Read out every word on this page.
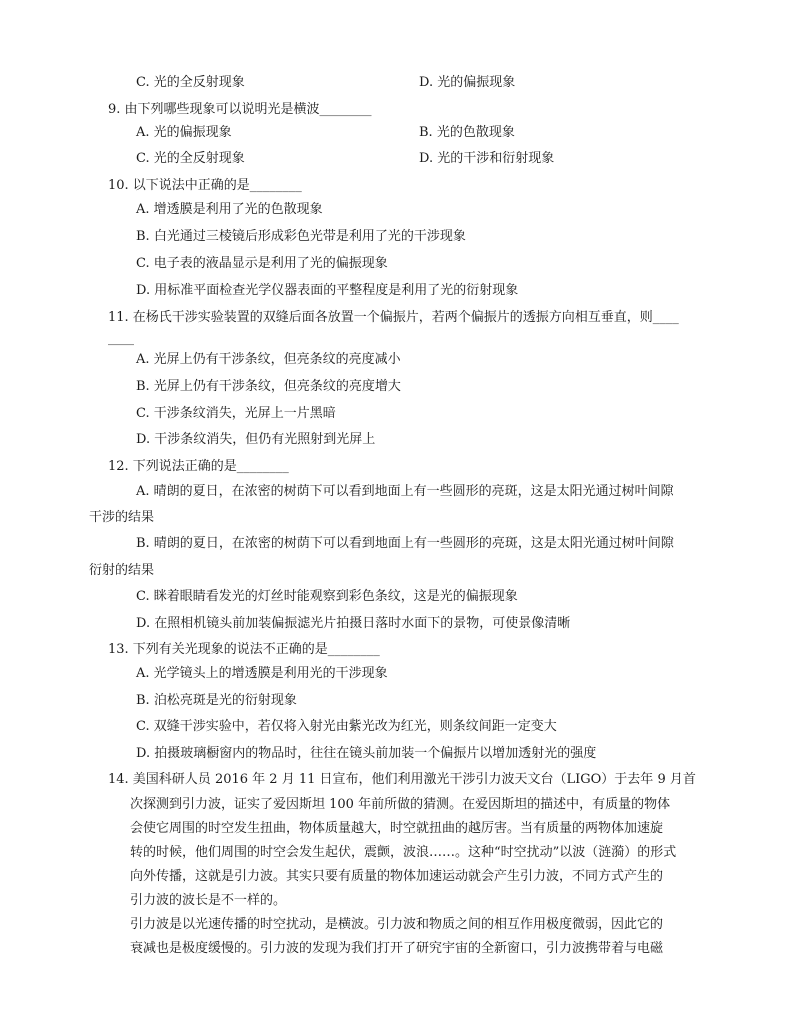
C. 光的全反射现象	D. 光的偏振现象
9. 由下列哪些现象可以说明光是横波________
A. 光的偏振现象	B. 光的色散现象
C. 光的全反射现象	D. 光的干涉和衍射现象
10. 以下说法中正确的是________
A. 增透膜是利用了光的色散现象
B. 白光通过三棱镜后形成彩色光带是利用了光的干涉现象
C. 电子表的液晶显示是利用了光的偏振现象
D. 用标准平面检查光学仪器表面的平整程度是利用了光的衍射现象
11. 在杨氏干涉实验装置的双缝后面各放置一个偏振片，若两个偏振片的透振方向相互垂直，则____
____
A. 光屏上仍有干涉条纹，但亮条纹的亮度减小
B. 光屏上仍有干涉条纹，但亮条纹的亮度增大
C. 干涉条纹消失，光屏上一片黑暗
D. 干涉条纹消失，但仍有光照射到光屏上
12. 下列说法正确的是________
A. 晴朗的夏日，在浓密的树荫下可以看到地面上有一些圆形的亮斑，这是太阳光通过树叶间隙
干涉的结果
B. 晴朗的夏日，在浓密的树荫下可以看到地面上有一些圆形的亮斑，这是太阳光通过树叶间隙
衍射的结果
C. 眯着眼睛看发光的灯丝时能观察到彩色条纹，这是光的偏振现象
D. 在照相机镜头前加装偏振滤光片拍摄日落时水面下的景物，可使景像清晰
13. 下列有关光现象的说法不正确的是________
A. 光学镜头上的增透膜是利用光的干涉现象
B. 泊松亮斑是光的衍射现象
C. 双缝干涉实验中，若仅将入射光由紫光改为红光，则条纹间距一定变大
D. 拍摄玻璃橱窗内的物品时，往往在镜头前加装一个偏振片以增加透射光的强度
14. 美国科研人员 2016 年 2 月 11 日宣布，他们利用激光干涉引力波天文台（LIGO）于去年 9 月首
次探测到引力波，证实了爱因斯坦 100 年前所做的猜测。在爱因斯坦的描述中，有质量的物体
会使它周围的时空发生扭曲，物体质量越大，时空就扭曲的越厉害。当有质量的两物体加速旋
转的时候，他们周围的时空会发生起伏，震颤，波浪……。这种“时空扰动”以波（涟漪）的形式
向外传播，这就是引力波。其实只要有质量的物体加速运动就会产生引力波，不同方式产生的
引力波的波长是不一样的。
引力波是以光速传播的时空扰动，是横波。引力波和物质之间的相互作用极度微弱，因此它的
衰减也是极度缓慢的。引力波的发现为我们打开了研究宇宙的全新窗口，引力波携带着与电磁
